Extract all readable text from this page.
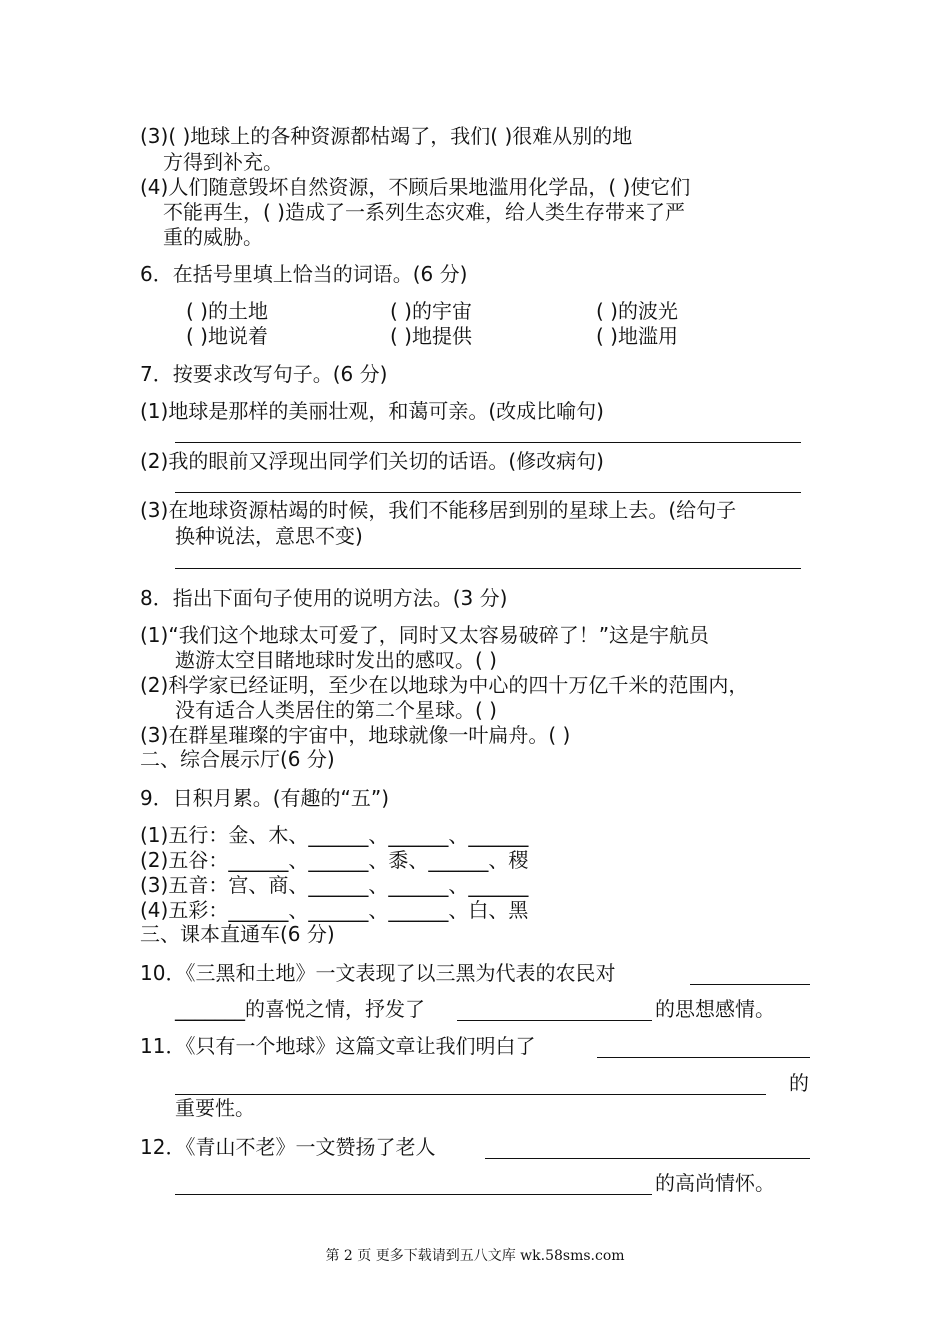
(3)( )地球上的各种资源都枯竭了，我们( )很难从别的地
方得到补充。
(4)人们随意毁坏自然资源，不顾后果地滥用化学品，( )使它们
不能再生，( )造成了一系列生态灾难，给人类生存带来了严
重的威胁。
6．在括号里填上恰当的词语。(6 分)
( )的土地	( )的宇宙	( )的波光
( )地说着	( )地提供	( )地滥用
7．按要求改写句子。(6 分)
(1)地球是那样的美丽壮观，和蔼可亲。(改成比喻句)
(2)我的眼前又浮现出同学们关切的话语。(修改病句)
(3)在地球资源枯竭的时候，我们不能移居到别的星球上去。(给句子
换种说法，意思不变)
8．指出下面句子使用的说明方法。(3 分)
(1)“我们这个地球太可爱了，同时又太容易破碎了！”这是宇航员
遨游太空目睹地球时发出的感叹。( )
(2)科学家已经证明，至少在以地球为中心的四十万亿千米的范围内，
没有适合人类居住的第二个星球。( )
(3)在群星璀璨的宇宙中，地球就像一叶扁舟。( )
二、综合展示厅(6 分)
9．日积月累。(有趣的“五”)
(1)五行：金、木、______、______、______
(2)五谷：______、______、黍、______、稷
(3)五音：宫、商、______、______、______
(4)五彩：______、______、______、白、黑
三、课本直通车(6 分)
10．《三黑和土地》一文表现了以三黑为代表的农民对
_______的喜悦之情，抒发了	的思想感情。
11．《只有一个地球》这篇文章让我们明白了
的
重要性。
12．《青山不老》一文赞扬了老人
的高尚情怀。
第 2 页 更多下载请到五八文库 wk.58sms.com
